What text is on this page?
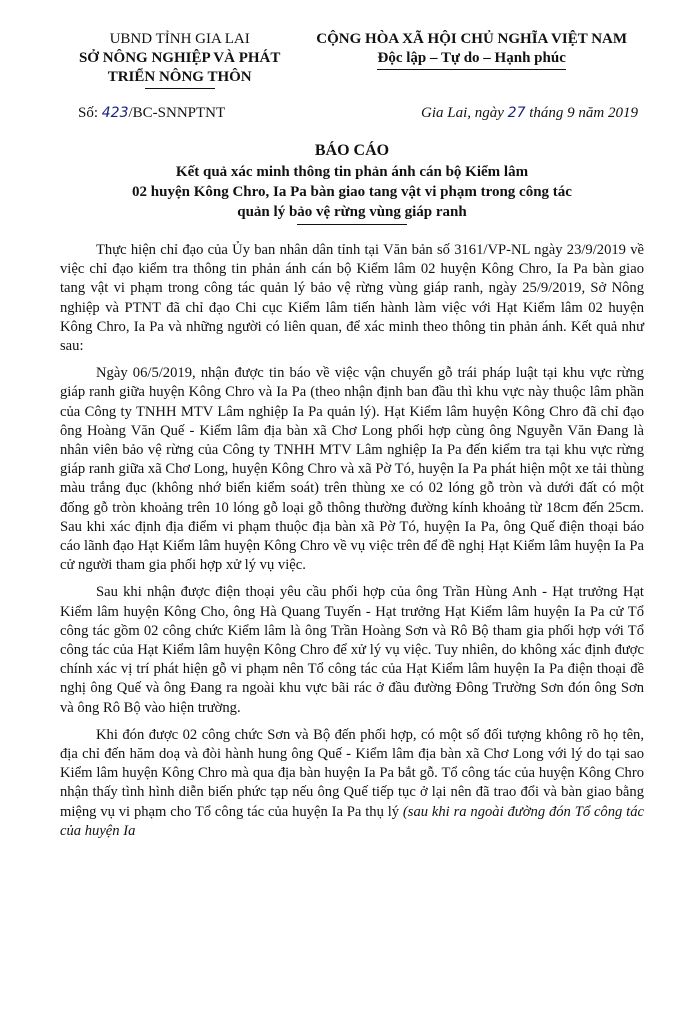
UBND TỈNH GIA LAI
SỞ NÔNG NGHIỆP VÀ PHÁT
TRIỂN NÔNG THÔN
CỘNG HÒA XÃ HỘI CHỦ NGHĨA VIỆT NAM
Độc lập – Tự do – Hạnh phúc
Số: 423/BC-SNNPTNT	Gia Lai, ngày 27 tháng 9 năm 2019
BÁO CÁO
Kết quả xác minh thông tin phản ánh cán bộ Kiểm lâm
02 huyện Kông Chro, Ia Pa bàn giao tang vật vi phạm trong công tác
quản lý bảo vệ rừng vùng giáp ranh

Thực hiện chỉ đạo của Ủy ban nhân dân tỉnh tại Văn bản số 3161/VP-NL ngày 23/9/2019 về việc chỉ đạo kiểm tra thông tin phản ánh cán bộ Kiểm lâm 02 huyện Kông Chro, Ia Pa bàn giao tang vật vi phạm trong công tác quản lý bảo vệ rừng vùng giáp ranh, ngày 25/9/2019, Sở Nông nghiệp và PTNT đã chỉ đạo Chi cục Kiểm lâm tiến hành làm việc với Hạt Kiểm lâm 02 huyện Kông Chro, Ia Pa và những người có liên quan, để xác minh theo thông tin phản ánh. Kết quả như sau:

Ngày 06/5/2019, nhận được tin báo về việc vận chuyển gỗ trái pháp luật tại khu vực rừng giáp ranh giữa huyện Kông Chro và Ia Pa (theo nhận định ban đầu thì khu vực này thuộc lâm phần của Công ty TNHH MTV Lâm nghiệp Ia Pa quản lý). Hạt Kiểm lâm huyện Kông Chro đã chỉ đạo ông Hoàng Văn Quế - Kiểm lâm địa bàn xã Chơ Long phối hợp cùng ông Nguyễn Văn Đang là nhân viên bảo vệ rừng của Công ty TNHH MTV Lâm nghiệp Ia Pa đến kiểm tra tại khu vực rừng giáp ranh giữa xã Chơ Long, huyện Kông Chro và xã Pờ Tó, huyện Ia Pa phát hiện một xe tải thùng màu trắng đục (không nhớ biển kiểm soát) trên thùng xe có 02 lóng gỗ tròn và dưới đất có một đống gỗ tròn khoảng trên 10 lóng gỗ loại gỗ thông thường đường kính khoảng từ 18cm đến 25cm. Sau khi xác định địa điểm vi phạm thuộc địa bàn xã Pờ Tó, huyện Ia Pa, ông Quế điện thoại báo cáo lãnh đạo Hạt Kiểm lâm huyện Kông Chro về vụ việc trên để đề nghị Hạt Kiểm lâm huyện Ia Pa cử người tham gia phối hợp xử lý vụ việc.

Sau khi nhận được điện thoại yêu cầu phối hợp của ông Trần Hùng Anh - Hạt trưởng Hạt Kiểm lâm huyện Kông Cho, ông Hà Quang Tuyến - Hạt trưởng Hạt Kiểm lâm huyện Ia Pa cử Tổ công tác gồm 02 công chức Kiểm lâm là ông Trần Hoàng Sơn và Rô Bộ tham gia phối hợp với Tổ công tác của Hạt Kiểm lâm huyện Kông Chro để xử lý vụ việc. Tuy nhiên, do không xác định được chính xác vị trí phát hiện gỗ vi phạm nên Tổ công tác của Hạt Kiểm lâm huyện Ia Pa điện thoại đề nghị ông Quế và ông Đang ra ngoài khu vực bãi rác ở đầu đường Đông Trường Sơn đón ông Sơn và ông Rô Bộ vào hiện trường.

Khi đón được 02 công chức Sơn và Bộ đến phối hợp, có một số đối tượng không rõ họ tên, địa chỉ đến hăm doạ và đòi hành hung ông Quế - Kiểm lâm địa bàn xã Chơ Long với lý do tại sao Kiểm lâm huyện Kông Chro mà qua địa bàn huyện Ia Pa bắt gỗ. Tổ công tác của huyện Kông Chro nhận thấy tình hình diễn biến phức tạp nếu ông Quế tiếp tục ở lại nên đã trao đổi và bàn giao bằng miệng vụ vi phạm cho Tổ công tác của huyện Ia Pa thụ lý (sau khi ra ngoài đường đón Tổ công tác của huyện Ia
